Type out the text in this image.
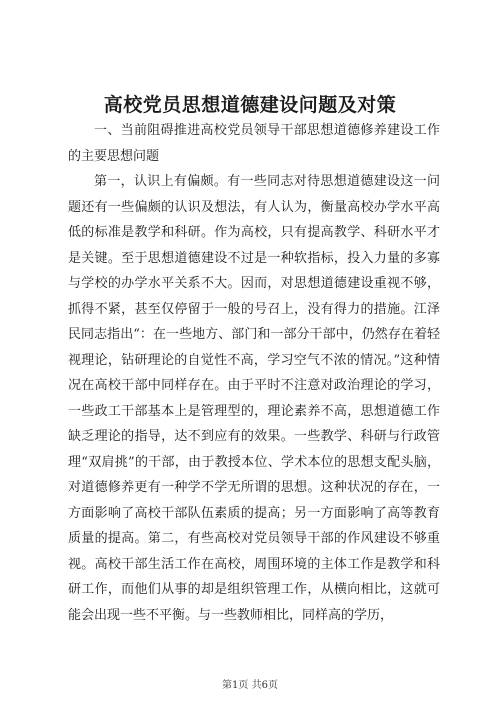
高校党员思想道德建设问题及对策

一、当前阻碍推进高校党员领导干部思想道德修养建设工作的主要思想问题

第一，认识上有偏颇。有一些同志对待思想道德建设这一问题还有一些偏颇的认识及想法，有人认为，衡量高校办学水平高低的标准是教学和科研。作为高校，只有提高教学、科研水平才是关键。至于思想道德建设不过是一种软指标，投入力量的多寡与学校的办学水平关系不大。因而，对思想道德建设重视不够，抓得不紧，甚至仅停留于一般的号召上，没有得力的措施。江泽民同志指出“：在一些地方、部门和一部分干部中，仍然存在着轻视理论，钻研理论的自觉性不高，学习空气不浓的情况。”这种情况在高校干部中同样存在。由于平时不注意对政治理论的学习，一些政工干部基本上是管理型的，理论素养不高，思想道德工作缺乏理论的指导，达不到应有的效果。一些教学、科研与行政管理“双肩挑”的干部，由于教授本位、学术本位的思想支配头脑，对道德修养更有一种学不学无所谓的思想。这种状况的存在，一方面影响了高校干部队伍素质的提高；另一方面影响了高等教育质量的提高。第二，有些高校对党员领导干部的作风建设不够重视。高校干部生活工作在高校，周围环境的主体工作是教学和科研工作，而他们从事的却是组织管理工作，从横向相比，这就可能会出现一些不平衡。与一些教师相比，同样高的学历，

第1页 共6页
